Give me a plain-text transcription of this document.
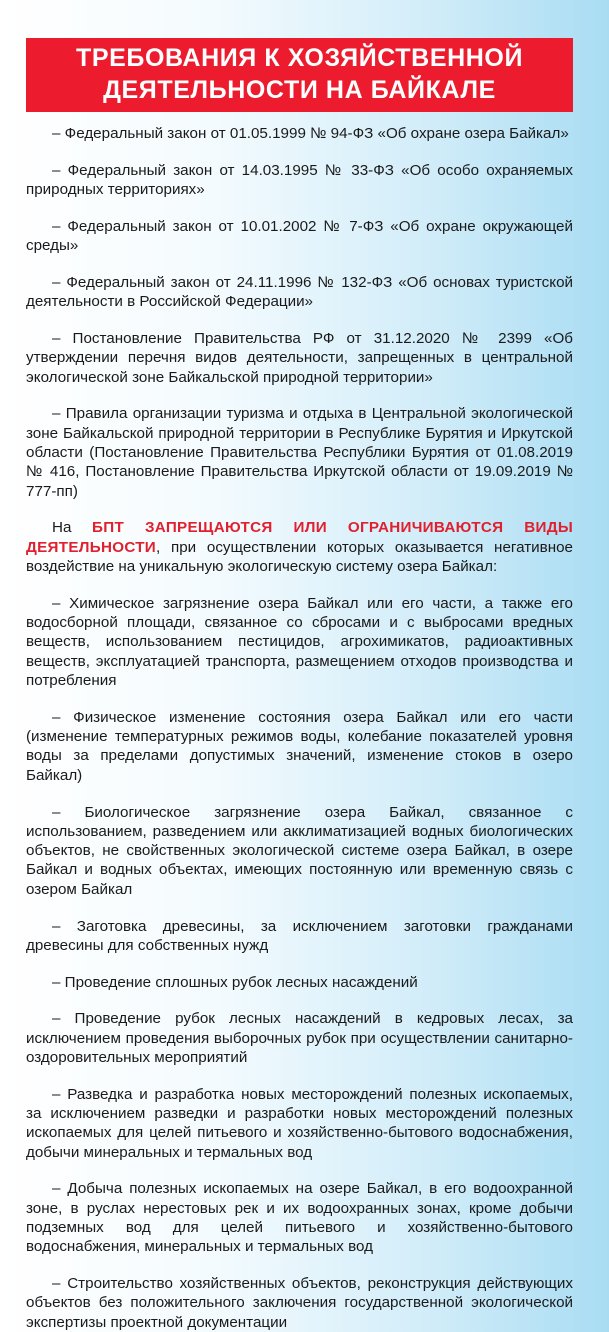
ТРЕБОВАНИЯ К ХОЗЯЙСТВЕННОЙ
ДЕЯТЕЛЬНОСТИ НА БАЙКАЛЕ

– Федеральный закон от 01.05.1999 № 94-ФЗ «Об охране озера Байкал»

– Федеральный закон от 14.03.1995 № 33-ФЗ «Об особо охраняемых природных территориях»

– Федеральный закон от 10.01.2002 № 7-ФЗ «Об охране окружающей среды»

– Федеральный закон от 24.11.1996 № 132-ФЗ «Об основах туристской деятельности в Российской Федерации»

– Постановление Правительства РФ от 31.12.2020 № 2399 «Об утверждении перечня видов деятельности, запрещенных в центральной экологической зоне Байкальской природной территории»

– Правила организации туризма и отдыха в Центральной экологической зоне Байкальской природной территории в Республике Бурятия и Иркутской области (Постановление Правительства Республики Бурятия от 01.08.2019 № 416, Постановление Правительства Иркутской области от 19.09.2019 № 777-пп)

На БПТ ЗАПРЕЩАЮТСЯ ИЛИ ОГРАНИЧИВАЮТСЯ ВИДЫ ДЕЯТЕЛЬНОСТИ, при осуществлении которых оказывается негативное воздействие на уникальную экологическую систему озера Байкал:

– Химическое загрязнение озера Байкал или его части, а также его водосборной площади, связанное со сбросами и с выбросами вредных веществ, использованием пестицидов, агрохимикатов, радиоактивных веществ, эксплуатацией транспорта, размещением отходов производства и потребления

– Физическое изменение состояния озера Байкал или его части (изменение температурных режимов воды, колебание показателей уровня воды за пределами допустимых значений, изменение стоков в озеро Байкал)

– Биологическое загрязнение озера Байкал, связанное с использованием, разведением или акклиматизацией водных биологических объектов, не свойственных экологической системе озера Байкал, в озере Байкал и водных объектах, имеющих постоянную или временную связь с озером Байкал

– Заготовка древесины, за исключением заготовки гражданами древесины для собственных нужд

– Проведение сплошных рубок лесных насаждений

– Проведение рубок лесных насаждений в кедровых лесах, за исключением проведения выборочных рубок при осуществлении санитарно-оздоровительных мероприятий

– Разведка и разработка новых месторождений полезных ископаемых, за исключением разведки и разработки новых месторождений полезных ископаемых для целей питьевого и хозяйственно-бытового водоснабжения, добычи минеральных и термальных вод

– Добыча полезных ископаемых на озере Байкал, в его водоохранной зоне, в руслах нерестовых рек и их водоохранных зонах, кроме добычи подземных вод для целей питьевого и хозяйственно-бытового водоснабжения, минеральных и термальных вод

– Строительство хозяйственных объектов, реконструкция действующих объектов без положительного заключения государственной экологической экспертизы проектной документации
